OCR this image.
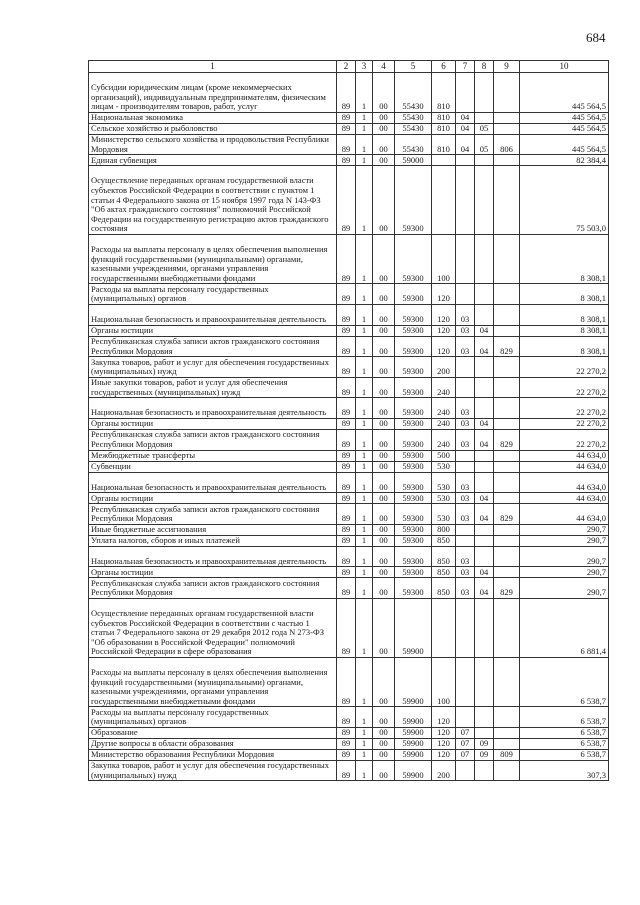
684
1	2	3	4	5	6	7	8	9	10
Субсидии юридическим лицам (кроме некоммерческих организаций), индивидуальным предпринимателям, физическим лицам - производителям товаров, работ, услуг	89	1	00	55430	810				445 564,5
Национальная экономика	89	1	00	55430	810	04			445 564,5
Сельское хозяйство и рыболовство	89	1	00	55430	810	04	05		445 564,5
Министерство сельского хозяйства и продовольствия Республики Мордовия	89	1	00	55430	810	04	05	806	445 564,5
Единая субвенция	89	1	00	59000					82 384,4
Осуществление переданных органам государственной власти субъектов Российской Федерации в соответствии с пунктом 1 статьи 4 Федерального закона от 15 ноября 1997 года N 143-ФЗ "Об актах гражданского состояния" полномочий Российской Федерации на государственную регистрацию актов гражданского состояния	89	1	00	59300					75 503,0
Расходы на выплаты персоналу в целях обеспечения выполнения функций государственными (муниципальными) органами, казенными учреждениями, органами управления государственными внебюджетными фондами	89	1	00	59300	100				8 308,1
Расходы на выплаты персоналу государственных (муниципальных) органов	89	1	00	59300	120				8 308,1
Национальная безопасность и правоохранительная деятельность	89	1	00	59300	120	03			8 308,1
Органы юстиции	89	1	00	59300	120	03	04		8 308,1
Республиканская служба записи актов гражданского состояния Республики Мордовия	89	1	00	59300	120	03	04	829	8 308,1
Закупка товаров, работ и услуг для обеспечения государственных (муниципальных) нужд	89	1	00	59300	200				22 270,2
Иные закупки товаров, работ и услуг для обеспечения государственных (муниципальных) нужд	89	1	00	59300	240				22 270,2
Национальная безопасность и правоохранительная деятельность	89	1	00	59300	240	03			22 270,2
Органы юстиции	89	1	00	59300	240	03	04		22 270,2
Республиканская служба записи актов гражданского состояния Республики Мордовия	89	1	00	59300	240	03	04	829	22 270,2
Межбюджетные трансферты	89	1	00	59300	500				44 634,0
Субвенции	89	1	00	59300	530				44 634,0
Национальная безопасность и правоохранительная деятельность	89	1	00	59300	530	03			44 634,0
Органы юстиции	89	1	00	59300	530	03	04		44 634,0
Республиканская служба записи актов гражданского состояния Республики Мордовия	89	1	00	59300	530	03	04	829	44 634,0
Иные бюджетные ассигнования	89	1	00	59300	800				290,7
Уплата налогов, сборов и иных платежей	89	1	00	59300	850				290,7
Национальная безопасность и правоохранительная деятельность	89	1	00	59300	850	03			290,7
Органы юстиции	89	1	00	59300	850	03	04		290,7
Республиканская служба записи актов гражданского состояния Республики Мордовия	89	1	00	59300	850	03	04	829	290,7
Осуществление переданных органам государственной власти субъектов Российской Федерации в соответствии с частью 1 статьи 7 Федерального закона от 29 декабря 2012 года N 273-ФЗ "Об образовании в Российской Федерации" полномочий Российской Федерации в сфере образования	89	1	00	59900					6 881,4
Расходы на выплаты персоналу в целях обеспечения выполнения функций государственными (муниципальными) органами, казенными учреждениями, органами управления государственными внебюджетными фондами	89	1	00	59900	100				6 538,7
Расходы на выплаты персоналу государственных (муниципальных) органов	89	1	00	59900	120				6 538,7
Образование	89	1	00	59900	120	07			6 538,7
Другие вопросы в области образования	89	1	00	59900	120	07	09		6 538,7
Министерство образования Республики Мордовия	89	1	00	59900	120	07	09	809	6 538,7
Закупка товаров, работ и услуг для обеспечения государственных (муниципальных) нужд	89	1	00	59900	200				307,3
